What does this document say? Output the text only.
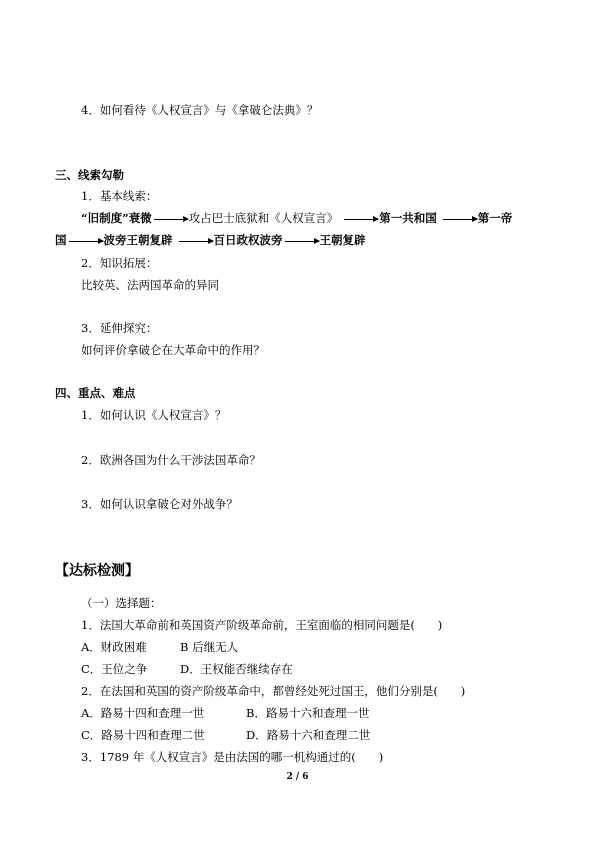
4．如何看待《人权宣言》与《拿破仑法典》？
三、线索勾勒
1．基本线索：
“旧制度”衰微	攻占巴士底狱和《人权宣言》	第一共和国	第一帝
国	波旁王朝复辟	百日政权波旁	王朝复辟
2．知识拓展：
比较英、法两国革命的异同
3．延伸探究：
如何评价拿破仑在大革命中的作用？
四、重点、难点
1．如何认识《人权宣言》？
2．欧洲各国为什么干涉法国革命？
3．如何认识拿破仑对外战争？
【达标检测】
（一）选择题：
1．法国大革命前和英国资产阶级革命前，王室面临的相同问题是(　　)
A．财政困难	B 后继无人
C．王位之争	D．王权能否继续存在
2．在法国和英国的资产阶级革命中，都曾经处死过国王，他们分别是(　　)
A．路易十四和查理一世	B．路易十六和查理一世
C．路易十四和查理二世	D．路易十六和查理二世
3．1789 年《人权宣言》是由法国的哪一机构通过的(　　)
2 / 6
